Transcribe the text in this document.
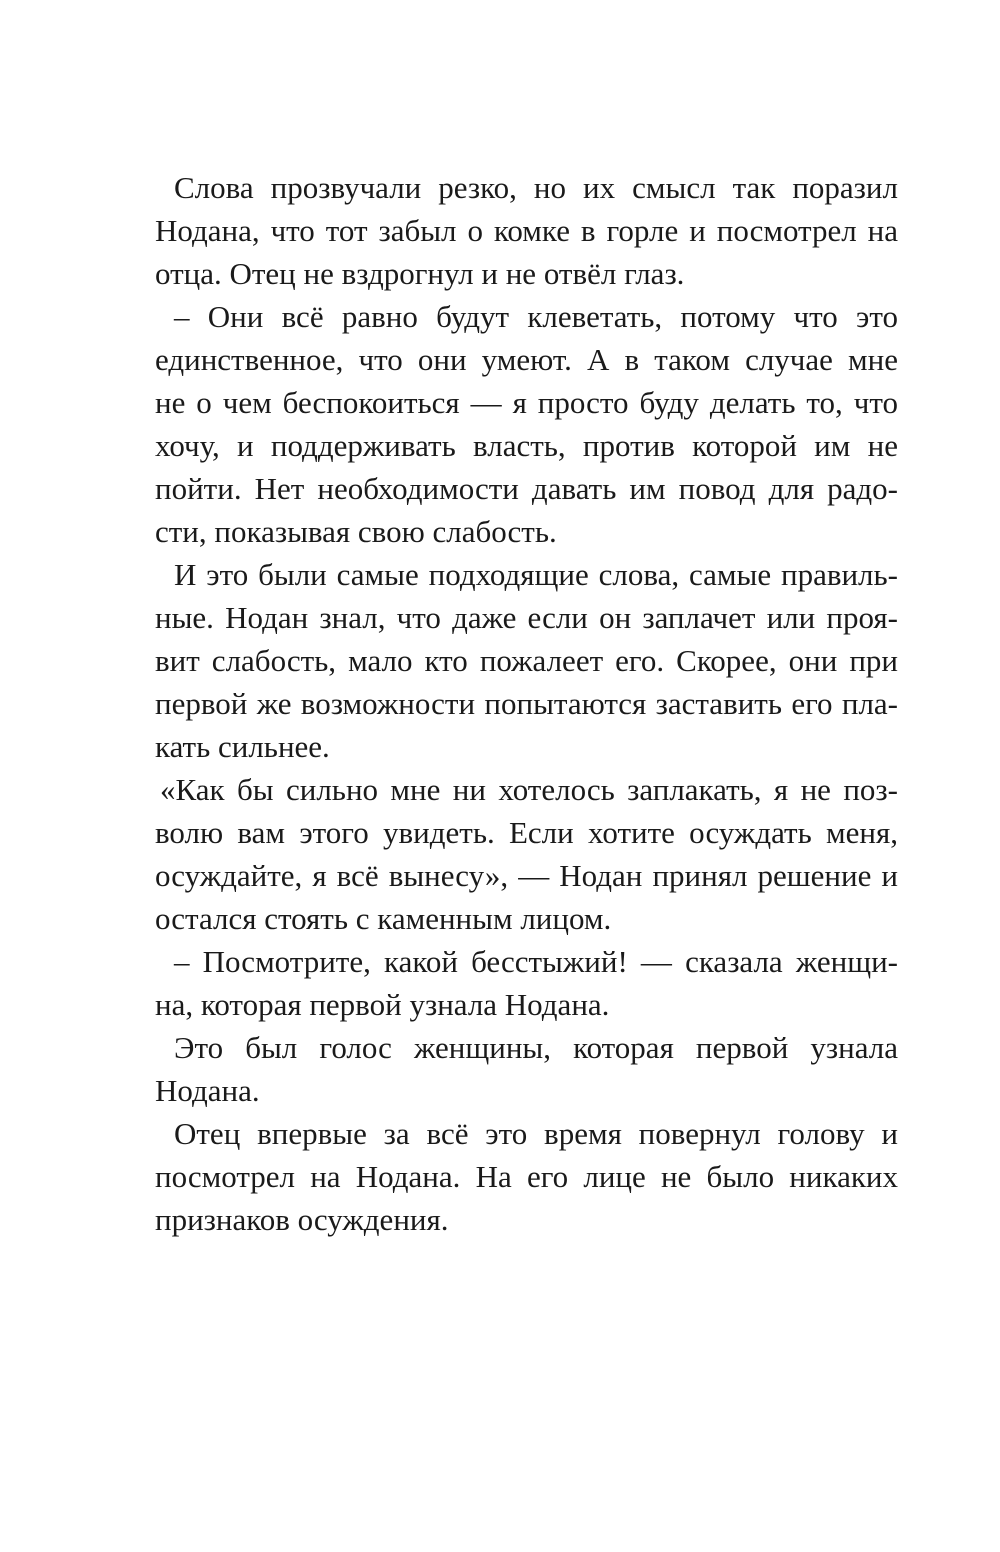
Слова прозвучали резко, но их смысл так поразил
Нодана, что тот забыл о комке в горле и посмотрел на
отца. Отец не вздрогнул и не отвёл глаз.
– Они всё равно будут клеветать, потому что это
единственное, что они умеют. А в таком случае мне
не о чем беспокоиться — я просто буду делать то, что
хочу, и поддерживать власть, против которой им не
пойти. Нет необходимости давать им повод для радо-
сти, показывая свою слабость.
И это были самые подходящие слова, самые правиль-
ные. Нодан знал, что даже если он заплачет или проя-
вит слабость, мало кто пожалеет его. Скорее, они при
первой же возможности попытаются заставить его пла-
кать сильнее.
«Как бы сильно мне ни хотелось заплакать, я не поз-
волю вам этого увидеть. Если хотите осуждать меня,
осуждайте, я всё вынесу», — Нодан принял решение и
остался стоять с каменным лицом.
– Посмотрите, какой бесстыжий! — сказала женщи-
на, которая первой узнала Нодана.
Это был голос женщины, которая первой узнала
Нодана.
Отец впервые за всё это время повернул голову и
посмотрел на Нодана. На его лице не было никаких
признаков осуждения.
